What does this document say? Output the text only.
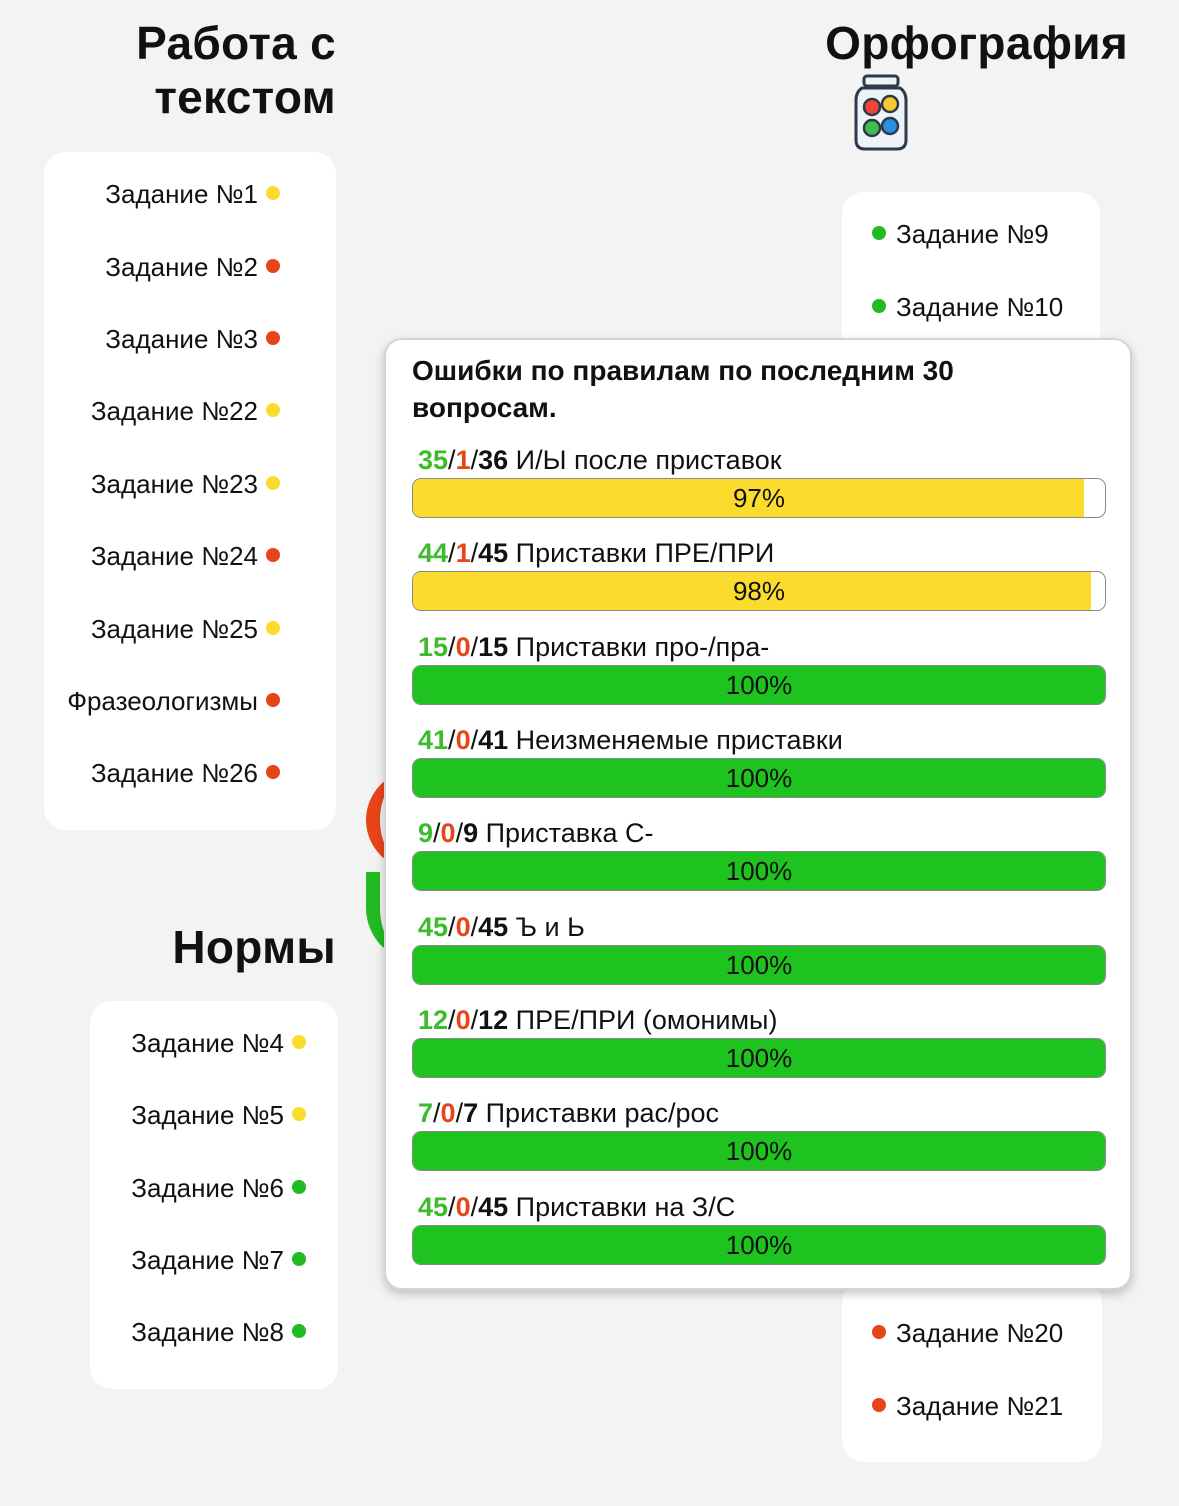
Работа с
текстом
Нормы
Орфография
Задание №1
Задание №2
Задание №3
Задание №22
Задание №23
Задание №24
Задание №25
Фразеологизмы
Задание №26
Задание №4
Задание №5
Задание №6
Задание №7
Задание №8
Задание №9
Задание №10
Задание №20
Задание №21
Ошибки по правилам по последним 30 вопросам.
35/1/36 И/Ы после приставок
97%
44/1/45 Приставки ПРЕ/ПРИ
98%
15/0/15 Приставки про-/пра-
100%
41/0/41 Неизменяемые приставки
100%
9/0/9 Приставка С-
100%
45/0/45 Ъ и Ь
100%
12/0/12 ПРЕ/ПРИ (омонимы)
100%
7/0/7 Приставки рас/рос
100%
45/0/45 Приставки на З/С
100%
